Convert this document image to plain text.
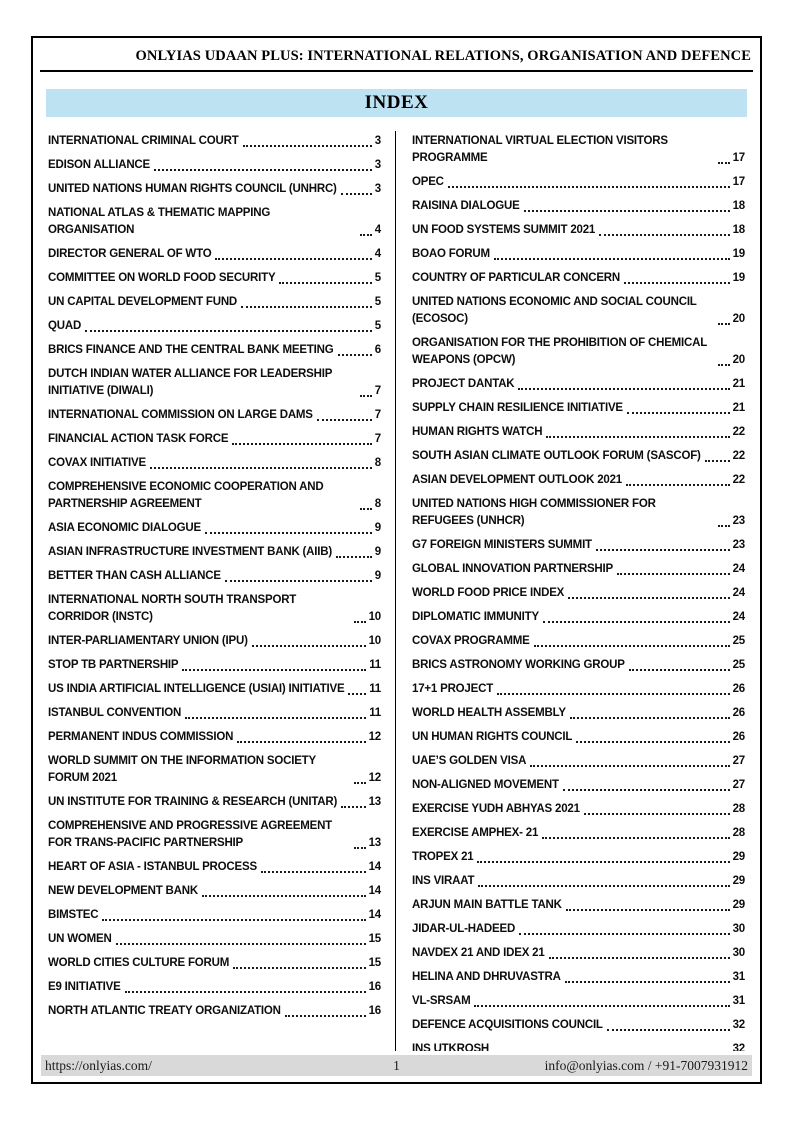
ONLYIAS UDAAN PLUS: INTERNATIONAL RELATIONS, ORGANISATION AND DEFENCE
INDEX
INTERNATIONAL CRIMINAL COURT	3
EDISON ALLIANCE	3
UNITED NATIONS HUMAN RIGHTS COUNCIL (UNHRC)	3
NATIONAL ATLAS & THEMATIC MAPPING ORGANISATION	4
DIRECTOR GENERAL OF WTO	4
COMMITTEE ON WORLD FOOD SECURITY	5
UN CAPITAL DEVELOPMENT FUND	5
QUAD	5
BRICS FINANCE AND THE CENTRAL BANK MEETING	6
DUTCH INDIAN WATER ALLIANCE FOR LEADERSHIP INITIATIVE (DIWALI)	7
INTERNATIONAL COMMISSION ON LARGE DAMS	7
FINANCIAL ACTION TASK FORCE	7
COVAX INITIATIVE	8
COMPREHENSIVE ECONOMIC COOPERATION AND PARTNERSHIP AGREEMENT	8
ASIA ECONOMIC DIALOGUE	9
ASIAN INFRASTRUCTURE INVESTMENT BANK (AIIB)	9
BETTER THAN CASH ALLIANCE	9
INTERNATIONAL NORTH SOUTH TRANSPORT CORRIDOR (INSTC)	10
INTER-PARLIAMENTARY UNION (IPU)	10
STOP TB PARTNERSHIP	11
US INDIA ARTIFICIAL INTELLIGENCE (USIAI) INITIATIVE 11
ISTANBUL CONVENTION	11
PERMANENT INDUS COMMISSION	12
WORLD SUMMIT ON THE INFORMATION SOCIETY FORUM 2021	12
UN INSTITUTE FOR TRAINING & RESEARCH (UNITAR)	13
COMPREHENSIVE AND PROGRESSIVE AGREEMENT FOR TRANS-PACIFIC PARTNERSHIP	13
HEART OF ASIA - ISTANBUL PROCESS	14
NEW DEVELOPMENT BANK	14
BIMSTEC	14
UN WOMEN	15
WORLD CITIES CULTURE FORUM	15
E9 INITIATIVE	16
NORTH ATLANTIC TREATY ORGANIZATION	16
INTERNATIONAL VIRTUAL ELECTION VISITORS PROGRAMME	17
OPEC	17
RAISINA DIALOGUE	18
UN FOOD SYSTEMS SUMMIT 2021	18
BOAO FORUM	19
COUNTRY OF PARTICULAR CONCERN	19
UNITED NATIONS ECONOMIC AND SOCIAL COUNCIL (ECOSOC)	20
ORGANISATION FOR THE PROHIBITION OF CHEMICAL WEAPONS (OPCW)	20
PROJECT DANTAK	21
SUPPLY CHAIN RESILIENCE INITIATIVE	21
HUMAN RIGHTS WATCH	22
SOUTH ASIAN CLIMATE OUTLOOK FORUM (SASCOF)	22
ASIAN DEVELOPMENT OUTLOOK 2021	22
UNITED NATIONS HIGH COMMISSIONER FOR REFUGEES (UNHCR)	23
G7 FOREIGN MINISTERS SUMMIT	23
GLOBAL INNOVATION PARTNERSHIP	24
WORLD FOOD PRICE INDEX	24
DIPLOMATIC IMMUNITY	24
COVAX PROGRAMME	25
BRICS ASTRONOMY WORKING GROUP	25
17+1 PROJECT	26
WORLD HEALTH ASSEMBLY	26
UN HUMAN RIGHTS COUNCIL	26
UAE’S GOLDEN VISA	27
NON-ALIGNED MOVEMENT	27
EXERCISE YUDH ABHYAS 2021	28
EXERCISE AMPHEX- 21	28
TROPEX 21	29
INS VIRAAT	29
ARJUN MAIN BATTLE TANK	29
JIDAR-UL-HADEED	30
NAVDEX 21 AND IDEX 21	30
HELINA AND DHRUVASTRA	31
VL-SRSAM	31
DEFENCE ACQUISITIONS COUNCIL	32
INS UTKROSH	32
https://onlyias.com/	1	info@onlyias.com / +91-7007931912
